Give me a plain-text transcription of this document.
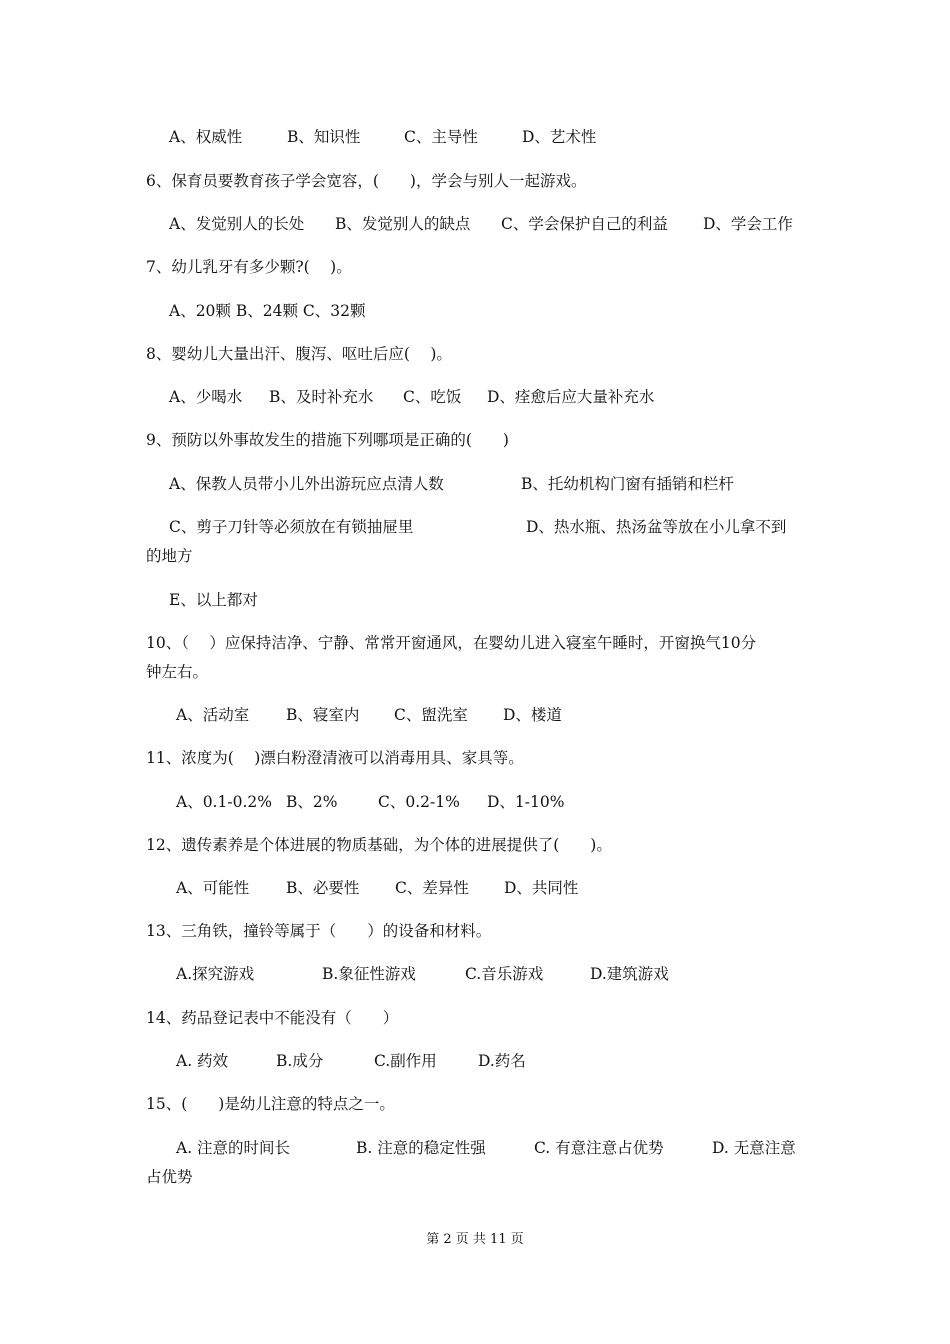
A、权威性	B、知识性	C、主导性	D、艺术性
6、保育员要教育孩子学会宽容，(　　)，学会与别人一起游戏。
A、发觉别人的长处 B、发觉别人的缺点 C、学会保护自己的利益 D、学会工作
7、幼儿乳牙有多少颗?(　 )。
A、20颗 B、24颗 C、32颗
8、婴幼儿大量出汗、腹泻、呕吐后应(　 )。
A、少喝水 B、及时补充水 C、吃饭 D、痊愈后应大量补充水
9、预防以外事故发生的措施下列哪项是正确的(　　)
A、保教人员带小儿外出游玩应点清人数	B、托幼机构门窗有插销和栏杆
C、剪子刀针等必须放在有锁抽屉里	D、热水瓶、热汤盆等放在小儿拿不到
的地方
E、以上都对
10、（　 ）应保持洁净、宁静、常常开窗通风，在婴幼儿进入寝室午睡时，开窗换气10分
钟左右。
A、活动室 B、寝室内 C、盥洗室 D、楼道
11、浓度为(　 )漂白粉澄清液可以消毒用具、家具等。
A、0.1-0.2% B、2%	C、0.2-1% D、1-10%
12、遗传素养是个体进展的物质基础，为个体的进展提供了(　　)。
A、可能性 B、必要性 C、差异性 D、共同性
13、三角铁，撞铃等属于（　　）的设备和材料。
A.探究游戏	B.象征性游戏	C.音乐游戏	D.建筑游戏
14、药品登记表中不能没有（　　）
A. 药效	B.成分	C.副作用	D.药名
15、(　　)是幼儿注意的特点之一。
A. 注意的时间长	B. 注意的稳定性强	C. 有意注意占优势	D. 无意注意
占优势
第 2 页 共 11 页
